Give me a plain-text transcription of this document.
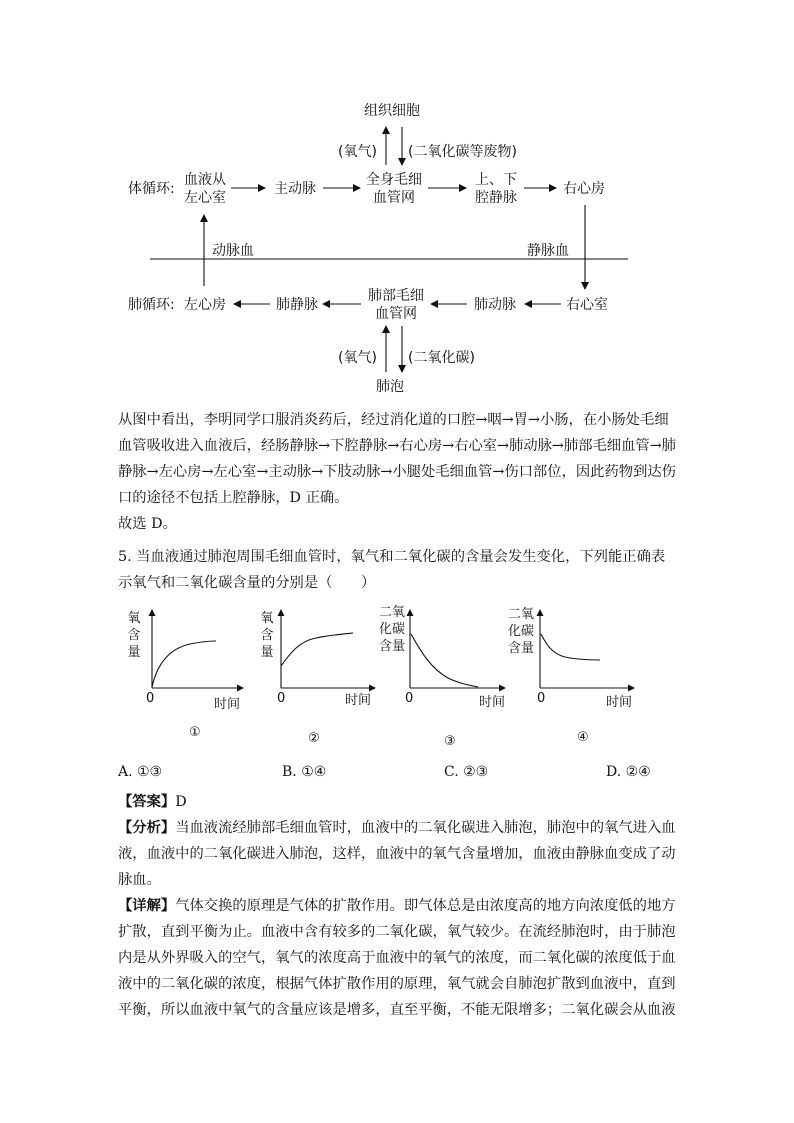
组织细胞
(氧气) (二氧化碳等废物)
体循环:
血液从
左心室
主动脉
全身毛细
血管网
上、下
腔静脉
右心房
动脉血	静脉血
肺循环: 左心房	肺静脉
肺部毛细
血管网
肺动脉	右心室
(氧气) (二氧化碳)
肺泡

从图中看出，李明同学口服消炎药后，经过消化道的口腔→咽→胃→小肠，在小肠处毛细血管吸收进入血液后，经肠静脉→下腔静脉→右心房→右心室→肺动脉→肺部毛细血管→肺静脉→左心房→左心室→主动脉→下肢动脉→小腿处毛细血管→伤口部位，因此药物到达伤口的途径不包括上腔静脉，D 正确。

故选 D。

5. 当血液通过肺泡周围毛细血管时，氧气和二氧化碳的含量会发生变化，下列能正确表示氧气和二氧化碳含量的分别是（　　）

氧
含
量
0	时间
①
氧
含
量
0	时间
②
二氧
化碳
含量
0	时间
③
二氧
化碳
含量
0	时间
④
A. ①③	B. ①④	C. ②③	D. ②④

【答案】D

【分析】当血液流经肺部毛细血管时，血液中的二氧化碳进入肺泡，肺泡中的氧气进入血液，血液中的二氧化碳进入肺泡，这样，血液中的氧气含量增加，血液由静脉血变成了动脉血。

【详解】气体交换的原理是气体的扩散作用。即气体总是由浓度高的地方向浓度低的地方扩散，直到平衡为止。血液中含有较多的二氧化碳，氧气较少。在流经肺泡时，由于肺泡内是从外界吸入的空气，氧气的浓度高于血液中的氧气的浓度，而二氧化碳的浓度低于血液中的二氧化碳的浓度，根据气体扩散作用的原理，氧气就会自肺泡扩散到血液中，直到平衡，所以血液中氧气的含量应该是增多，直至平衡，不能无限增多；二氧化碳会从血液
